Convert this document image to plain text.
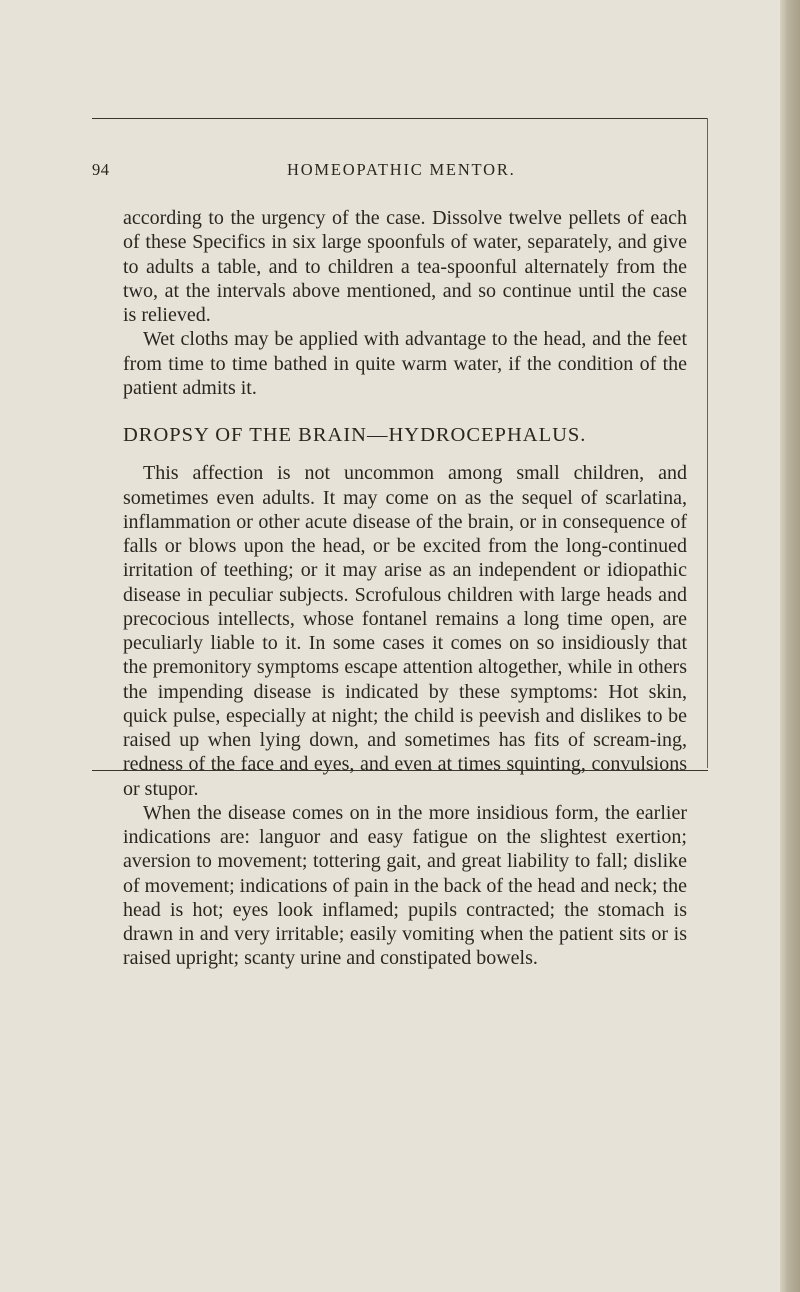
94	HOMEOPATHIC MENTOR.

according to the urgency of the case. Dissolve twelve pellets of each of these Specifics in six large spoonfuls of water, separately, and give to adults a table, and to children a tea-spoonful alternately from the two, at the intervals above mentioned, and so continue until the case is relieved.

Wet cloths may be applied with advantage to the head, and the feet from time to time bathed in quite warm water, if the condition of the patient admits it.

DROPSY OF THE BRAIN—HYDROCEPHALUS.

This affection is not uncommon among small children, and sometimes even adults. It may come on as the sequel of scarlatina, inflammation or other acute disease of the brain, or in consequence of falls or blows upon the head, or be excited from the long-continued irritation of teething; or it may arise as an independent or idiopathic disease in peculiar subjects. Scrofulous children with large heads and precocious intellects, whose fontanel remains a long time open, are peculiarly liable to it. In some cases it comes on so insidiously that the premonitory symptoms escape attention altogether, while in others the impending disease is indicated by these symptoms: Hot skin, quick pulse, especially at night; the child is peevish and dislikes to be raised up when lying down, and sometimes has fits of scream-ing, redness of the face and eyes, and even at times squinting, convulsions or stupor.

When the disease comes on in the more insidious form, the earlier indications are: languor and easy fatigue on the slightest exertion; aversion to movement; tottering gait, and great liability to fall; dislike of movement; indications of pain in the back of the head and neck; the head is hot; eyes look inflamed; pupils contracted; the stomach is drawn in and very irritable; easily vomiting when the patient sits or is raised upright; scanty urine and constipated bowels.
